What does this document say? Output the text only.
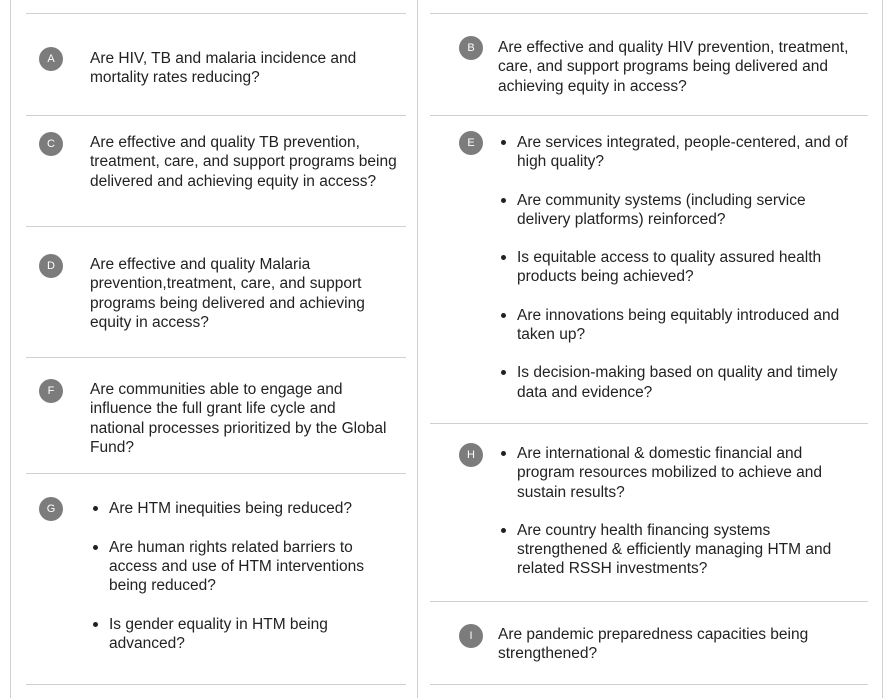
A	Are HIV, TB and malaria incidence and mortality rates reducing?
C	Are effective and quality TB prevention, treatment, care, and support programs being delivered and achieving equity in access?
D	Are effective and quality Malaria prevention,treatment, care, and support programs being delivered and achieving equity in access?
F	Are communities able to engage and influence the full grant life cycle and national processes prioritized by the Global Fund?
G	Are HTM inequities being reduced?
Are human rights related barriers to access and use of HTM interventions being reduced?
Is gender equality in HTM being advanced?
B	Are effective and quality HIV prevention, treatment, care, and support programs being delivered and achieving equity in access?
E	Are services integrated, people-centered, and of high quality?
Are community systems (including service delivery platforms) reinforced?
Is equitable access to quality assured health products being achieved?
Are innovations being equitably introduced and taken up?
Is decision-making based on quality and timely data and evidence?
H	Are international & domestic financial and program resources mobilized to achieve and sustain results?
Are country health financing systems strengthened & efficiently managing HTM and related RSSH investments?
I	Are pandemic preparedness capacities being strengthened?
